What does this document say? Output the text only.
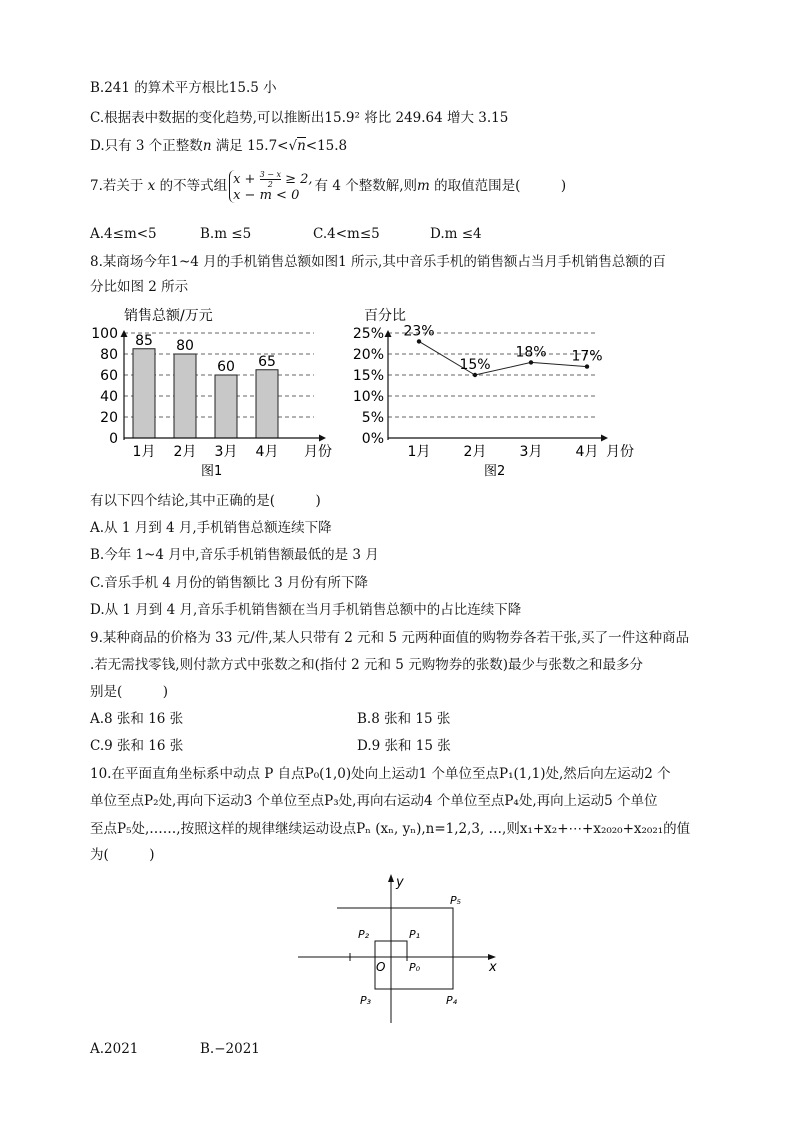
B.241 的算术平方根比15.5 小
C.根据表中数据的变化趋势,可以推断出15.9² 将比 249.64 增大 3.15
D.只有 3 个正整数n 满足 15.7<√n<15.8
7.若关于 x 的不等式组 $x + \frac{3 - x}{2} \ge 2$,
x − m < 0
有 4 个整数解,则m 的取值范围是(　　　)
A.4≤m<5	B.m ≤5	C.4<m≤5	D.m ≤4
8.某商场今年1~4 月的手机销售总额如图1 所示,其中音乐手机的销售额占当月手机销售总额的百
分比如图 2 所示
销售总额/万元
85 80
60 65
0
20
40
60
80
100
1月 2月 3月 4月 月份
图1
百分比
23%
15%
18% 17%
0%
5%
10%
15%
20%
25%
1月 2月 3月 4月 月份
图2
有以下四个结论,其中正确的是(　　　)
A.从 1 月到 4 月,手机销售总额连续下降
B.今年 1~4 月中,音乐手机销售额最低的是 3 月
C.音乐手机 4 月份的销售额比 3 月份有所下降
D.从 1 月到 4 月,音乐手机销售额在当月手机销售总额中的占比连续下降
9.某种商品的价格为 33 元/件,某人只带有 2 元和 5 元两种面值的购物券各若干张,买了一件这种商品
.若无需找零钱,则付款方式中张数之和(指付 2 元和 5 元购物券的张数)最少与张数之和最多分
别是(　　　)
A.8 张和 16 张	B.8 张和 15 张
C.9 张和 16 张	D.9 张和 15 张
10.在平面直角坐标系中动点 P 自点P₀(1,0)处向上运动1 个单位至点P₁(1,1)处,然后向左运动2 个
单位至点P₂处,再向下运动3 个单位至点P₃处,再向右运动4 个单位至点P₄处,再向上运动5 个单位
至点P₅处,……,按照这样的规律继续运动设点Pₙ (xₙ, yₙ),n=1,2,3, …,则x₁+x₂+⋯+x₂₀₂₀+x₂₀₂₁的值
为(　　　)
x
y
O P₀
P₁
P₂
P₃	P₄
P₅
A.2021	B.−2021
